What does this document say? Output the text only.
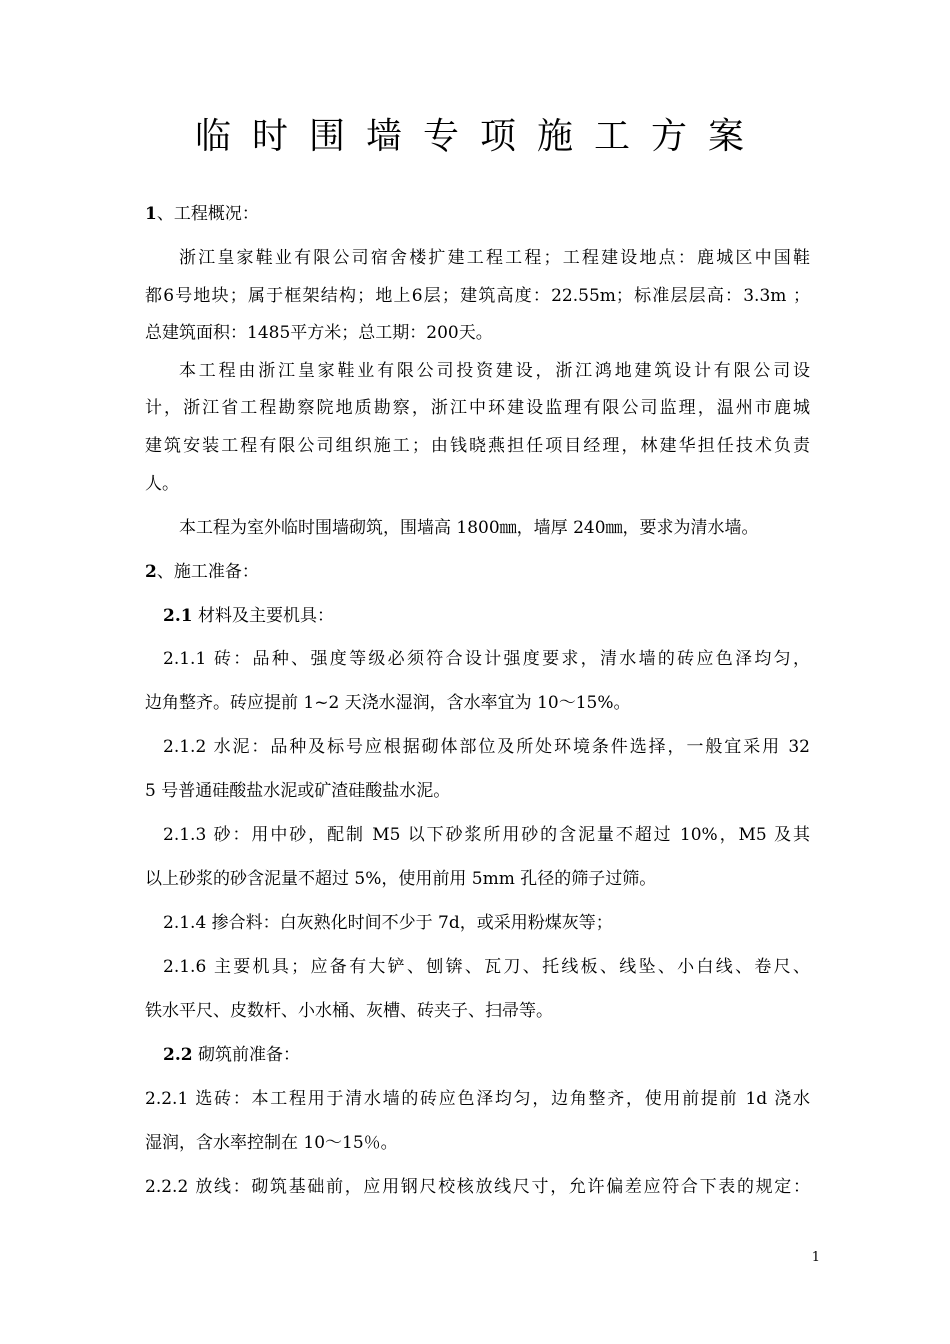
临时围墙专项施工方案
1、工程概况：
浙江皇家鞋业有限公司宿舍楼扩建工程工程；工程建设地点：鹿城区中国鞋
都6号地块；属于框架结构；地上6层；建筑高度：22.55m；标准层层高：3.3m ；
总建筑面积：1485平方米；总工期：200天。
本工程由浙江皇家鞋业有限公司投资建设，浙江鸿地建筑设计有限公司设
计，浙江省工程勘察院地质勘察，浙江中环建设监理有限公司监理，温州市鹿城
建筑安装工程有限公司组织施工；由钱晓燕担任项目经理，林建华担任技术负责
人。
本工程为室外临时围墙砌筑，围墙高 1800㎜，墙厚 240㎜，要求为清水墙。
2、施工准备：
2.1 材料及主要机具：
2.1.1 砖：品种、强度等级必须符合设计强度要求，清水墙的砖应色泽均匀，
边角整齐。砖应提前 1~2 天浇水湿润，含水率宜为 10～15%。
2.1.2 水泥：品种及标号应根据砌体部位及所处环境条件选择，一般宜采用 32
5 号普通硅酸盐水泥或矿渣硅酸盐水泥。
2.1.3 砂：用中砂，配制 M5 以下砂浆所用砂的含泥量不超过 10%，M5 及其
以上砂浆的砂含泥量不超过 5%，使用前用 5mm 孔径的筛子过筛。
2.1.4 掺合料：白灰熟化时间不少于 7d，或采用粉煤灰等；
2.1.6 主要机具；应备有大铲、刨锛、瓦刀、托线板、线坠、小白线、卷尺、
铁水平尺、皮数杆、小水桶、灰槽、砖夹子、扫帚等。
2.2 砌筑前准备：
2.2.1 选砖：本工程用于清水墙的砖应色泽均匀，边角整齐，使用前提前 1d 浇水
湿润，含水率控制在 10～15％。
2.2.2 放线：砌筑基础前，应用钢尺校核放线尺寸，允许偏差应符合下表的规定：
1
